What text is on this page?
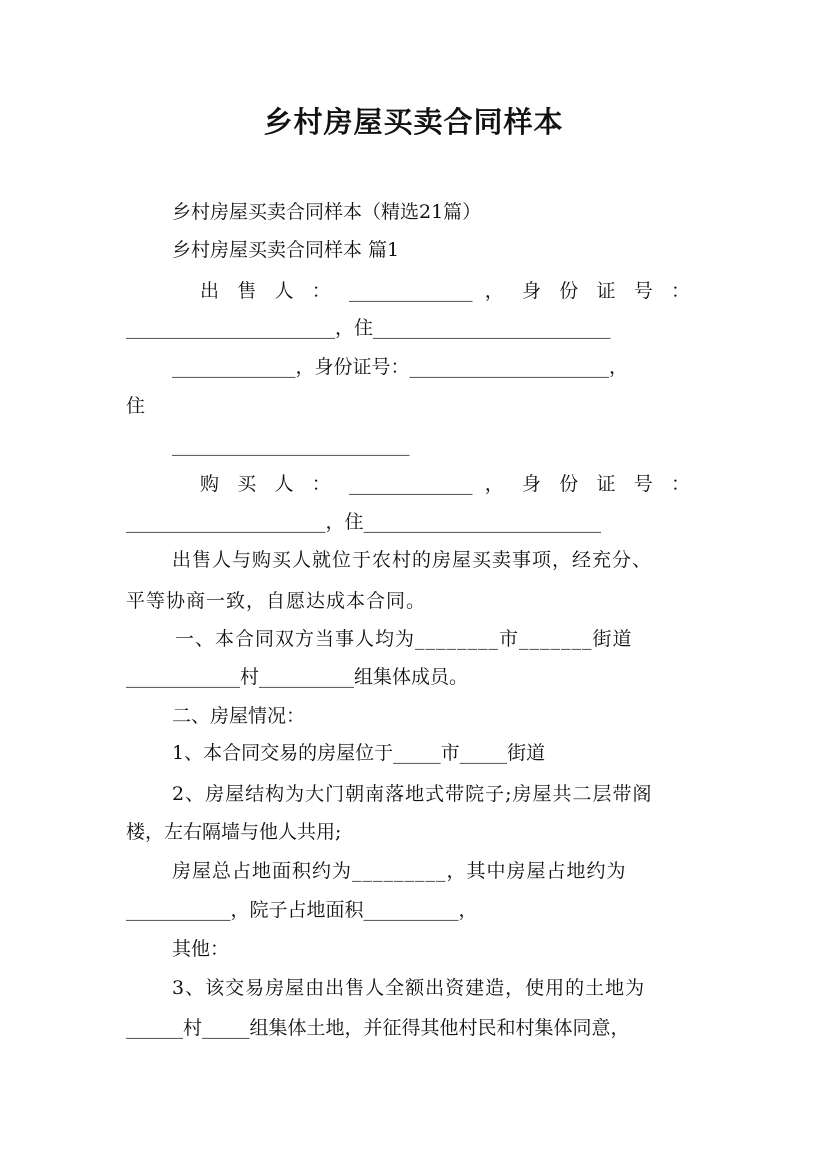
乡村房屋买卖合同样本
乡村房屋买卖合同样本（精选21篇）
乡村房屋买卖合同样本 篇1
出 售 人 ： _____________ ， 身 份 证 号 ：
______________________，住_________________________
_____________，身份证号：_____________________，
住
_________________________
购 买 人 ： _____________ ， 身 份 证 号 ：
_____________________，住_________________________
出售人与购买人就位于农村的房屋买卖事项，经充分、
平等协商一致，自愿达成本合同。
一、本合同双方当事人均为________市_______街道
____________村__________组集体成员。
二、房屋情况：
1、本合同交易的房屋位于_____市_____街道
2、房屋结构为大门朝南落地式带院子;房屋共二层带阁
楼，左右隔墙与他人共用;
房屋总占地面积约为_________，其中房屋占地约为
___________，院子占地面积__________，
其他：
3、该交易房屋由出售人全额出资建造，使用的土地为
______村_____组集体土地，并征得其他村民和村集体同意，
